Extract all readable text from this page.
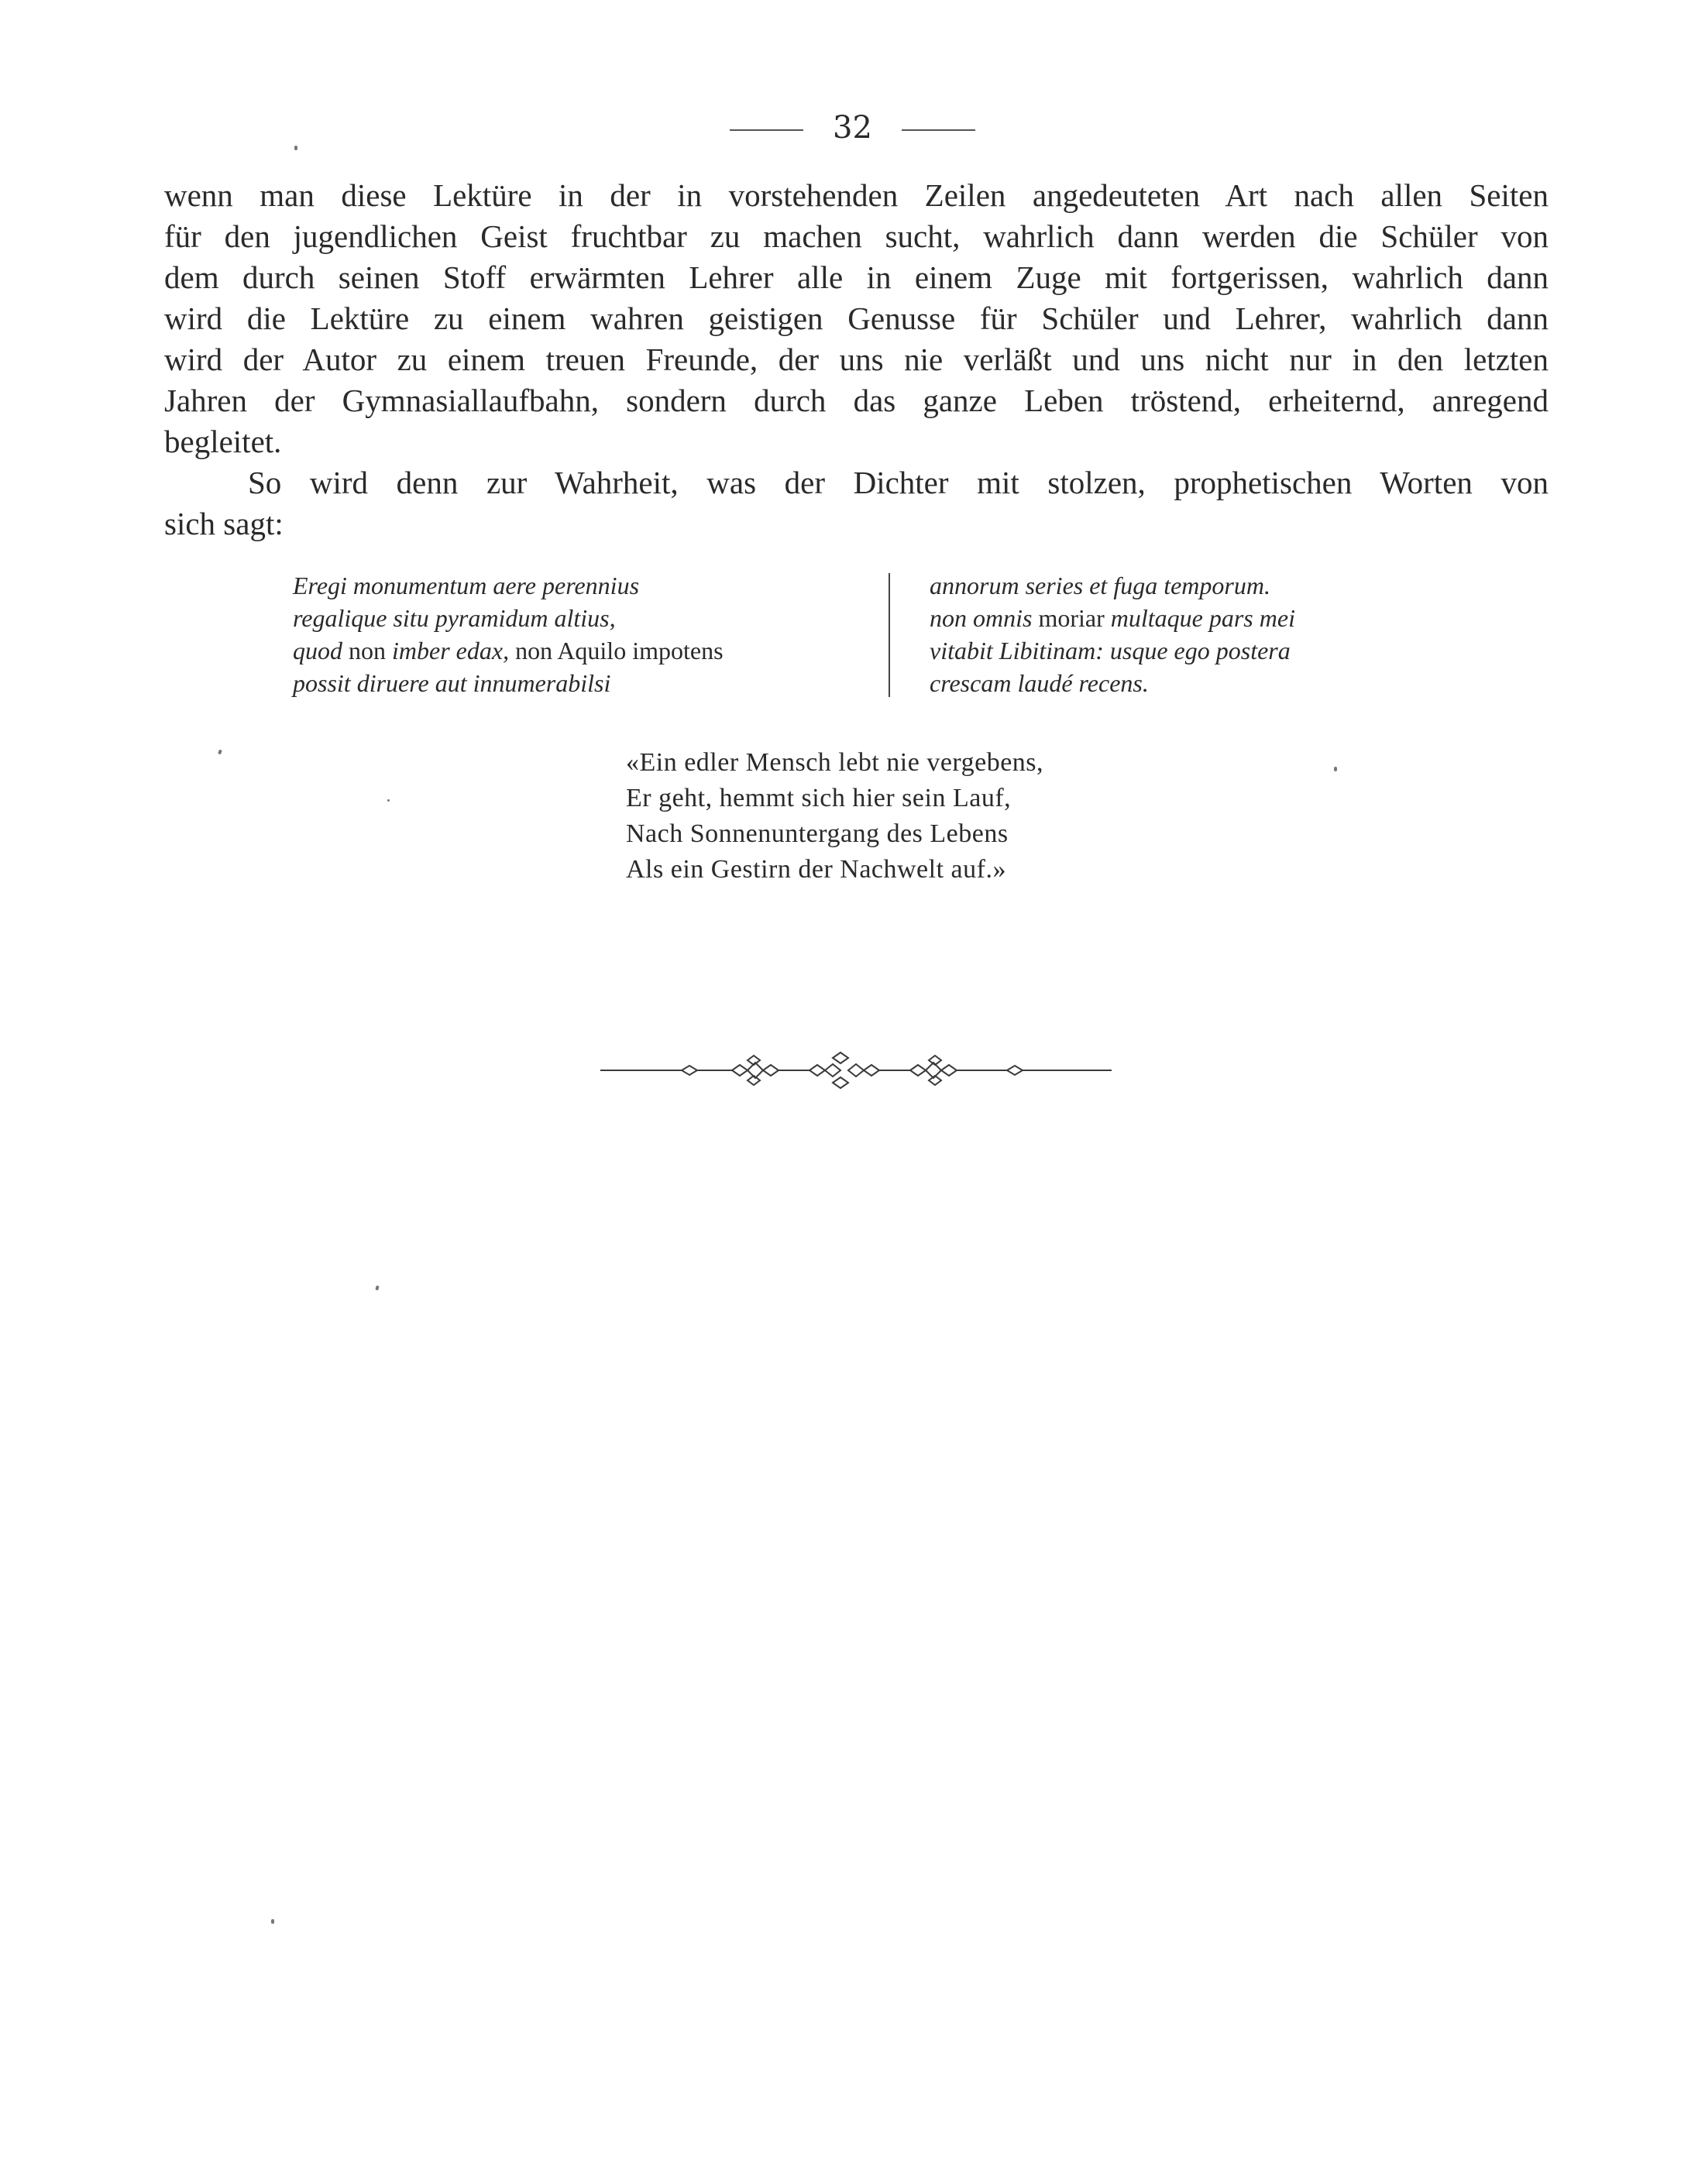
32

wenn man diese Lektüre in der in vorstehenden Zeilen angedeuteten Art nach allen Seiten
für den jugendlichen Geist fruchtbar zu machen sucht, wahrlich dann werden die Schüler von
dem durch seinen Stoff erwärmten Lehrer alle in einem Zuge mit fortgerissen, wahrlich dann
wird die Lektüre zu einem wahren geistigen Genusse für Schüler und Lehrer, wahrlich dann
wird der Autor zu einem treuen Freunde, der uns nie verläßt und uns nicht nur in den letzten
Jahren der Gymnasiallaufbahn, sondern durch das ganze Leben tröstend, erheiternd, anregend
begleitet.

So wird denn zur Wahrheit, was der Dichter mit stolzen, prophetischen Worten von
sich sagt:

Eregi monumentum aere perennius
regalique situ pyramidum altius,
quod non imber edax, non Aquilo impotens
possit diruere aut innumerabilsi
annorum series et fuga temporum.
non omnis moriar multaque pars mei
vitabit Libitinam: usque ego postera
crescam laudé recens.
«Ein edler Mensch lebt nie vergebens,
Er geht, hemmt sich hier sein Lauf,
Nach Sonnenuntergang des Lebens
Als ein Gestirn der Nachwelt auf.»
